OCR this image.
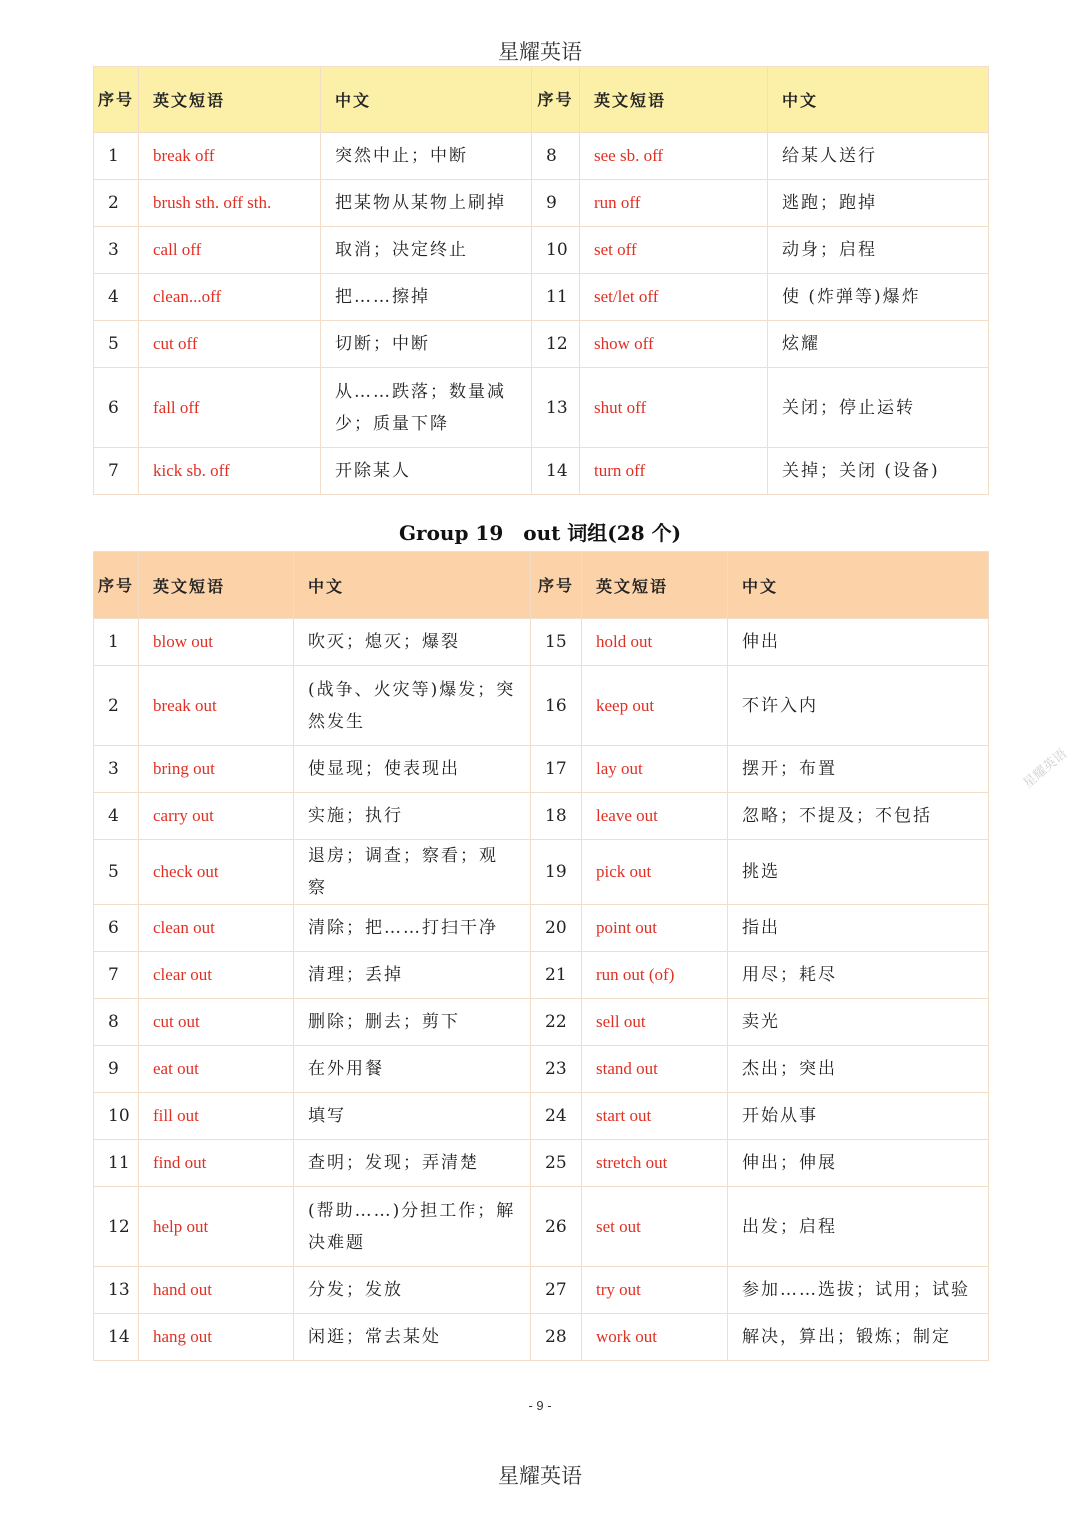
星耀英语
序号	英文短语	中文	序号	英文短语	中文
1	break off	突然中止；中断	8	see sb. off	给某人送行
2	brush sth. off sth.	把某物从某物上刷掉	9	run off	逃跑；跑掉
3	call off	取消；决定终止	10	set off	动身；启程
4	clean...off	把……擦掉	11	set/let off	使 (炸弹等)爆炸
5	cut off	切断；中断	12	show off	炫耀
6	fall off	从……跌落；数量减少；质量下降	13	shut off	关闭；停止运转
7	kick sb. off	开除某人	14	turn off	关掉；关闭 (设备)
Group 19　out 词组(28 个)
序号	英文短语	中文	序号	英文短语	中文
1	blow out	吹灭；熄灭；爆裂	15	hold out	伸出
2	break out	(战争、火灾等)爆发；突然发生	16	keep out	不许入内
3	bring out	使显现；使表现出	17	lay out	摆开；布置
4	carry out	实施；执行	18	leave out	忽略；不提及；不包括
5	check out	退房；调查；察看；观察	19	pick out	挑选
6	clean out	清除；把……打扫干净	20	point out	指出
7	clear out	清理；丢掉	21	run out (of)	用尽；耗尽
8	cut out	删除；删去；剪下	22	sell out	卖光
9	eat out	在外用餐	23	stand out	杰出；突出
10	fill out	填写	24	start out	开始从事
11	find out	查明；发现；弄清楚	25	stretch out	伸出；伸展
12	help out	(帮助……)分担工作；解决难题	26	set out	出发；启程
13	hand out	分发；发放	27	try out	参加……选拔；试用；试验
14	hang out	闲逛；常去某处	28	work out	解决，算出；锻炼；制定
星耀英语
- 9 -
星耀英语
